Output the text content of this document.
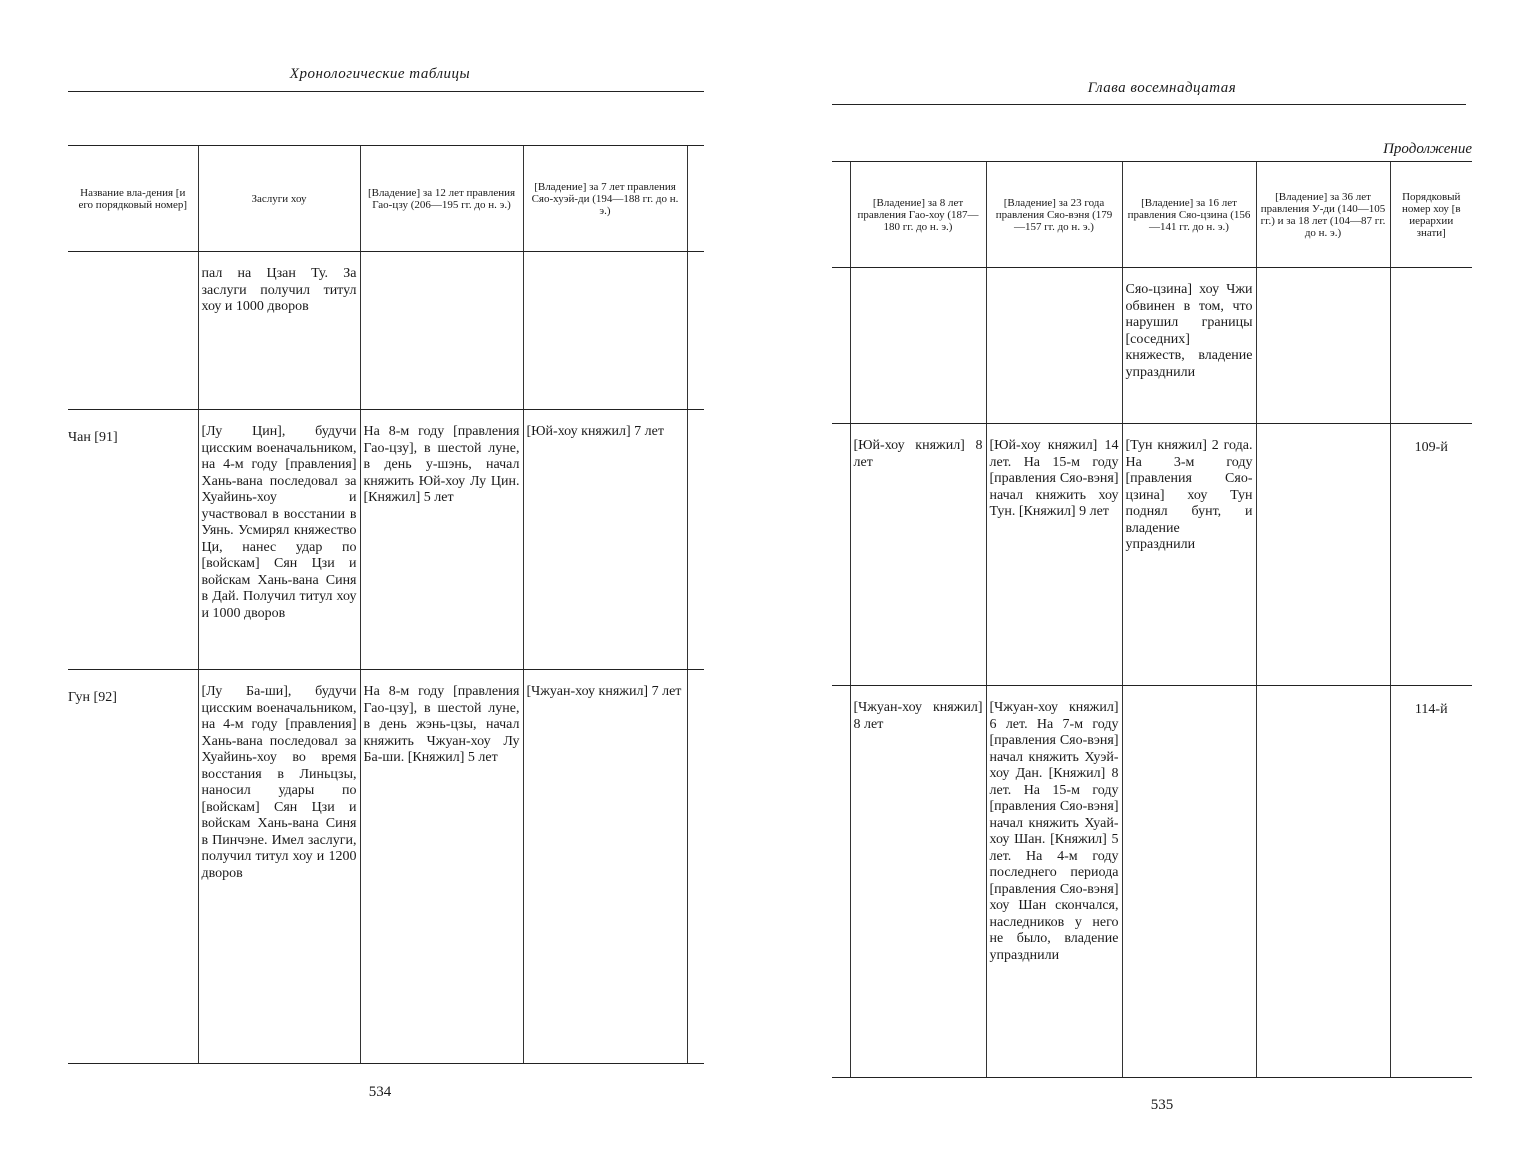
Хронологические таблицы
Название вла-дения [и его порядковый номер]	Заслуги хоу	[Владение] за 12 лет правления Гао-цзу (206—195 гг. до н. э.)	[Владение] за 7 лет правления Сяо-хуэй-ди (194—188 гг. до н. э.)	
	пал на Цзан Ту. За заслуги получил титул хоу и 1000 дворов			
Чан [91]	[Лу Цин], будучи цисским военачальником, на 4-м году [правления] Хань-вана последовал за Хуайинь-хоу и участвовал в восстании в Уянь. Усмирял княжество Ци, нанес удар по [войскам] Сян Цзи и войскам Хань-вана Синя в Дай. Получил титул хоу и 1000 дворов	На 8-м году [правления Гао-цзу], в шестой луне, в день у-шэнь, начал княжить Юй-хоу Лу Цин. [Княжил] 5 лет	[Юй-хоу княжил] 7 лет	
Гун [92]	[Лу Ба-ши], будучи цисским военачальником, на 4-м году [правления] Хань-вана последовал за Хуайинь-хоу во время восстания в Линьцзы, наносил удары по [войскам] Сян Цзи и войскам Хань-вана Синя в Пинчэне. Имел заслуги, получил титул хоу и 1200 дворов	На 8-м году [правления Гао-цзу], в шестой луне, в день жэнь-цзы, начал княжить Чжуан-хоу Лу Ба-ши. [Княжил] 5 лет	[Чжуан-хоу княжил] 7 лет	
534
Глава восемнадцатая
Продолжение
	[Владение] за 8 лет правления Гао-хоу (187—180 гг. до н. э.)	[Владение] за 23 года правления Сяо-вэня (179—157 гг. до н. э.)	[Владение] за 16 лет правления Сяо-цзина (156—141 гг. до н. э.)	[Владение] за 36 лет правления У-ди (140—105 гг.) и за 18 лет (104—87 гг. до н. э.)	Порядковый номер хоу [в иерархии знати]
			Сяо-цзина] хоу Чжи обвинен в том, что нарушил границы [соседних] княжеств, владение упразднили		
	[Юй-хоу княжил] 8 лет	[Юй-хоу княжил] 14 лет. На 15-м году [правления Сяо-вэня] начал княжить хоу Тун. [Княжил] 9 лет	[Тун княжил] 2 года. На 3-м году [правления Сяо-цзина] хоу Тун поднял бунт, и владение упразднили		109-й
	[Чжуан-хоу княжил] 8 лет	[Чжуан-хоу княжил] 6 лет. На 7-м году [правления Сяо-вэня] начал княжить Хуэй-хоу Дан. [Княжил] 8 лет. На 15-м году [правления Сяо-вэня] начал княжить Хуай-хоу Шан. [Княжил] 5 лет. На 4-м году последнего периода [правления Сяо-вэня] хоу Шан скончался, наследников у него не было, владение упразднили			114-й
535
